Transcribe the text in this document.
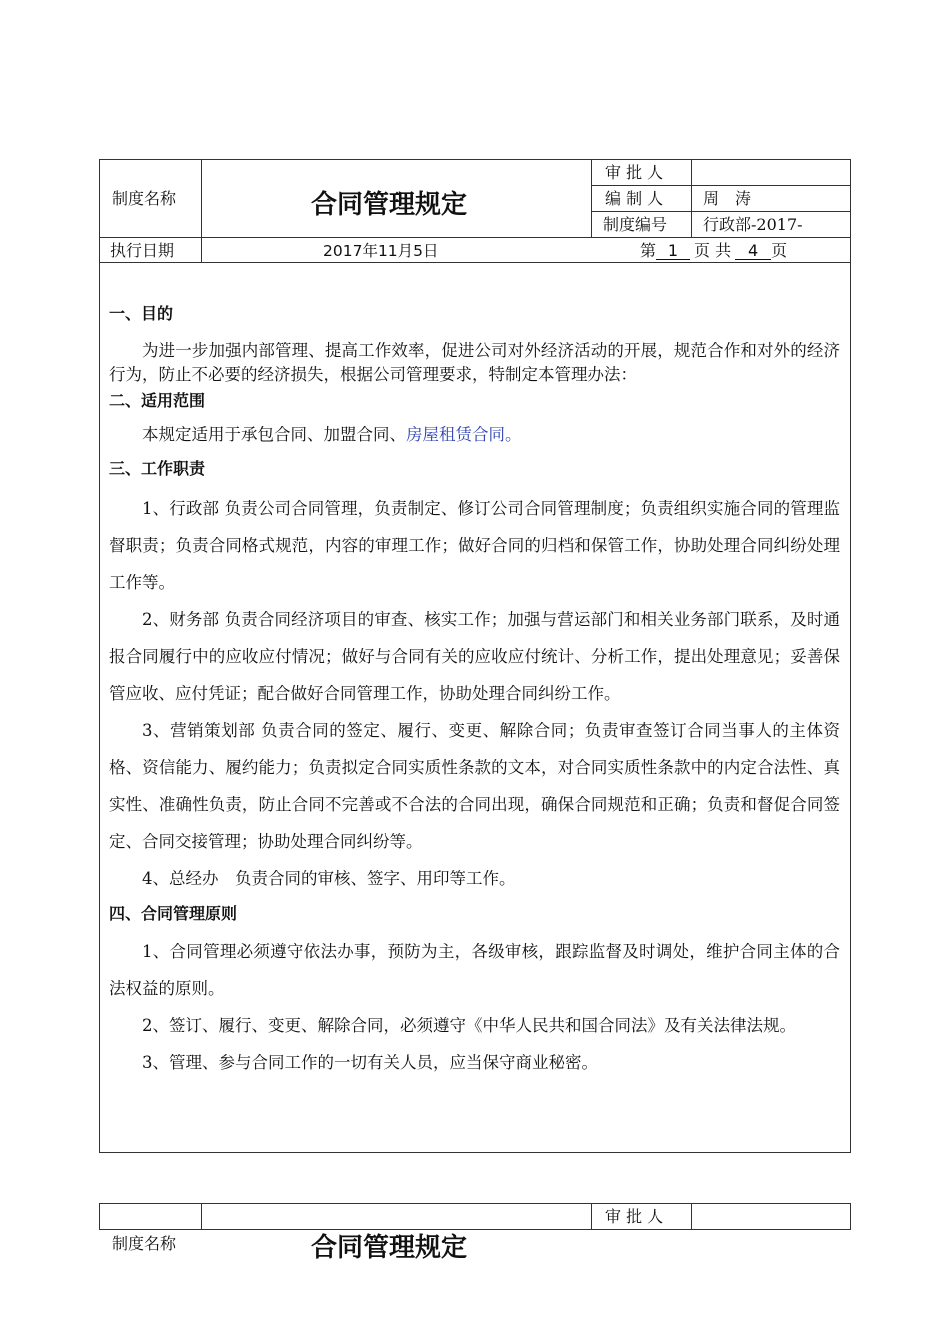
制度名称	合同管理规定
审 批 人
编 制 人 周　涛
制度编号 行政部-2017-
执行日期	2017年11月5日	第 1 页 共 4 页

一、目的

为进一步加强内部管理、提高工作效率，促进公司对外经济活动的开展，规范合作和对外的经济行为，防止不必要的经济损失，根据公司管理要求，特制定本管理办法：

二、适用范围

本规定适用于承包合同、加盟合同、房屋租赁合同。

三、工作职责

1、行政部 负责公司合同管理，负责制定、修订公司合同管理制度；负责组织实施合同的管理监督职责；负责合同格式规范，内容的审理工作；做好合同的归档和保管工作，协助处理合同纠纷处理工作等。

2、财务部 负责合同经济项目的审查、核实工作；加强与营运部门和相关业务部门联系，及时通报合同履行中的应收应付情况；做好与合同有关的应收应付统计、分析工作，提出处理意见；妥善保管应收、应付凭证；配合做好合同管理工作，协助处理合同纠纷工作。

3、营销策划部 负责合同的签定、履行、变更、解除合同；负责审查签订合同当事人的主体资格、资信能力、履约能力；负责拟定合同实质性条款的文本，对合同实质性条款中的内定合法性、真实性、准确性负责，防止合同不完善或不合法的合同出现，确保合同规范和正确；负责和督促合同签定、合同交接管理；协助处理合同纠纷等。

4、总经办　负责合同的审核、签字、用印等工作。

四、合同管理原则

1、合同管理必须遵守依法办事，预防为主，各级审核，跟踪监督及时调处，维护合同主体的合法权益的原则。

2、签订、履行、变更、解除合同，必须遵守《中华人民共和国合同法》及有关法律法规。

3、管理、参与合同工作的一切有关人员，应当保守商业秘密。

审 批 人
制度名称	合同管理规定
